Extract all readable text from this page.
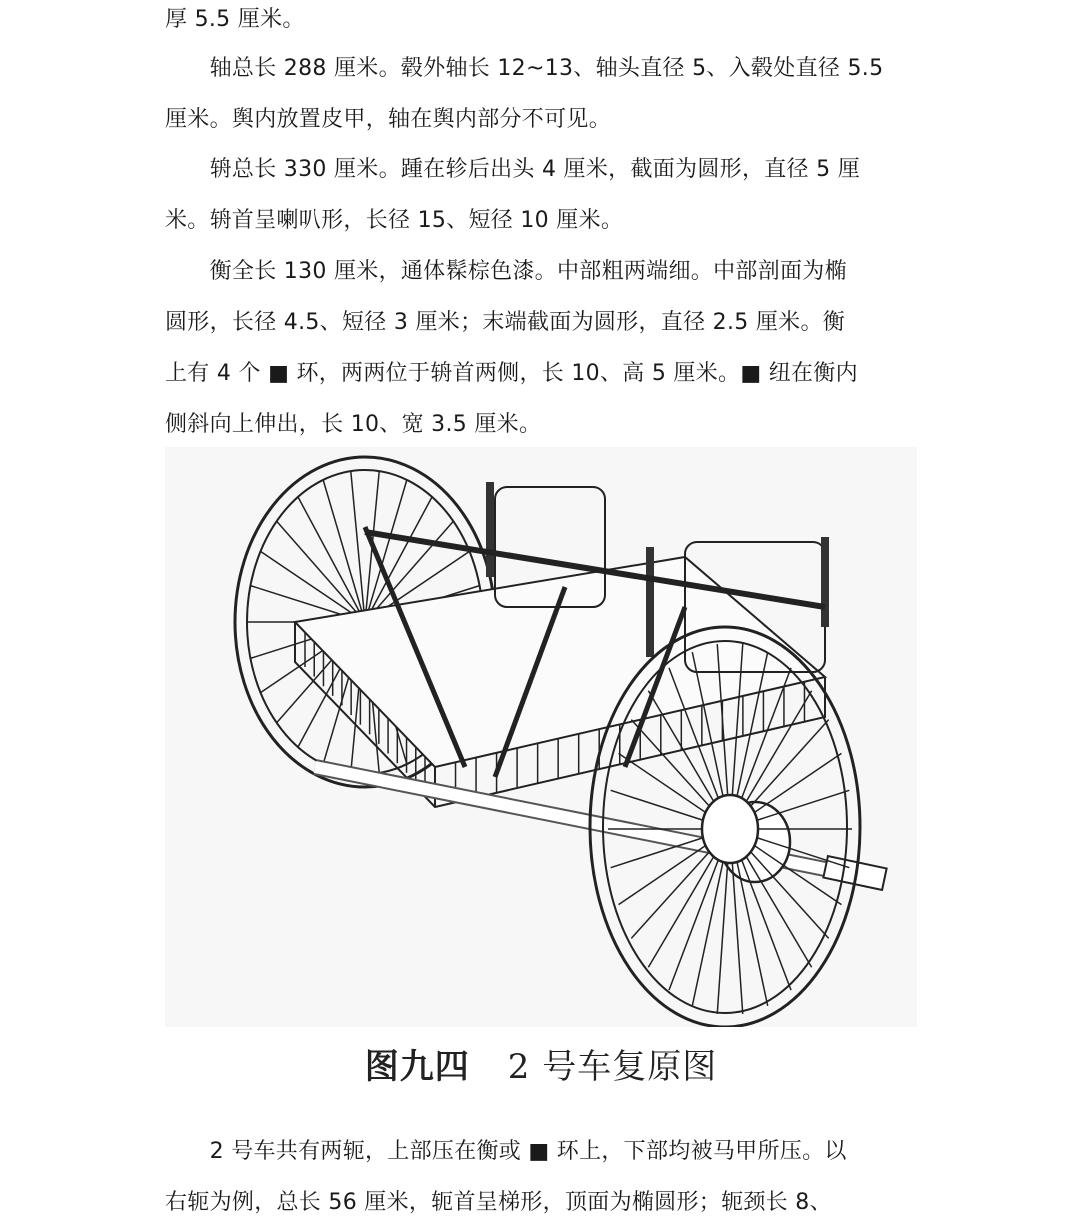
厚 5.5 厘米。

　　轴总长 288 厘米。毂外轴长 12~13、轴头直径 5、入毂处直径 5.5
厘米。舆内放置皮甲，轴在舆内部分不可见。

　　辀总长 330 厘米。踵在轸后出头 4 厘米，截面为圆形，直径 5 厘
米。辀首呈喇叭形，长径 15、短径 10 厘米。

　　衡全长 130 厘米，通体髹棕色漆。中部粗两端细。中部剖面为椭
圆形，长径 4.5、短径 3 厘米；末端截面为圆形，直径 2.5 厘米。衡
上有 4 个 ■ 环，两两位于辀首两侧，长 10、高 5 厘米。■ 纽在衡内
侧斜向上伸出，长 10、宽 3.5 厘米。

图九四 2 号车复原图

　　2 号车共有两轭，上部压在衡或 ■ 环上，下部均被马甲所压。以
右轭为例，总长 56 厘米，轭首呈梯形，顶面为椭圆形；轭颈长 8、
